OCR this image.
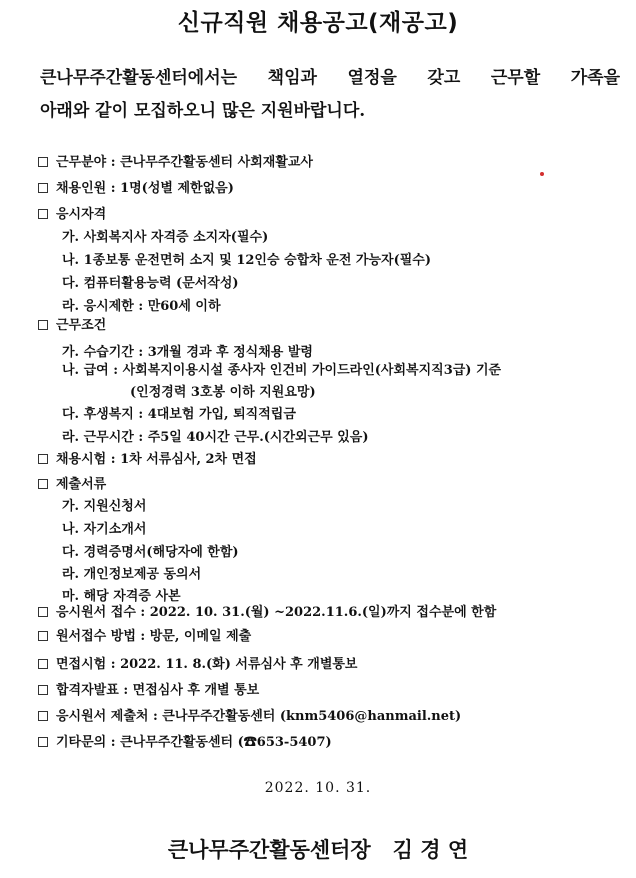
신규직원 채용공고(재공고)
큰나무주간활동센터에서는 책임과 열정을 갖고 근무할 가족을
아래와 같이 모집하오니 많은 지원바랍니다.
근무분야 : 큰나무주간활동센터 사회재활교사
채용인원 : 1명(성별 제한없음)
응시자격
가. 사회복지사 자격증 소지자(필수)
나. 1종보통 운전면허 소지 및 12인승 승합차 운전 가능자(필수)
다. 컴퓨터활용능력 (문서작성)
라. 응시제한 : 만60세 이하
근무조건
가. 수습기간 : 3개월 경과 후 정식채용 발령
나. 급여 : 사회복지이용시설 종사자 인건비 가이드라인(사회복지직3급) 기준
(인정경력 3호봉 이하 지원요망)
다. 후생복지 : 4대보험 가입, 퇴직적립금
라. 근무시간 : 주5일 40시간 근무.(시간외근무 있음)
채용시험 : 1차 서류심사, 2차 면접
제출서류
가. 지원신청서
나. 자기소개서
다. 경력증명서(해당자에 한함)
라. 개인정보제공 동의서
마. 해당 자격증 사본
응시원서 접수 : 2022. 10. 31.(월) ~2022.11.6.(일)까지 접수분에 한함
원서접수 방법 : 방문, 이메일 제출
면접시험 : 2022. 11. 8.(화) 서류심사 후 개별통보
합격자발표 : 면접심사 후 개별 통보
응시원서 제출처 : 큰나무주간활동센터 (knm5406@hanmail.net)
기타문의 : 큰나무주간활동센터 (☎653-5407)
2022. 10. 31.
큰나무주간활동센터장   김 경 연
